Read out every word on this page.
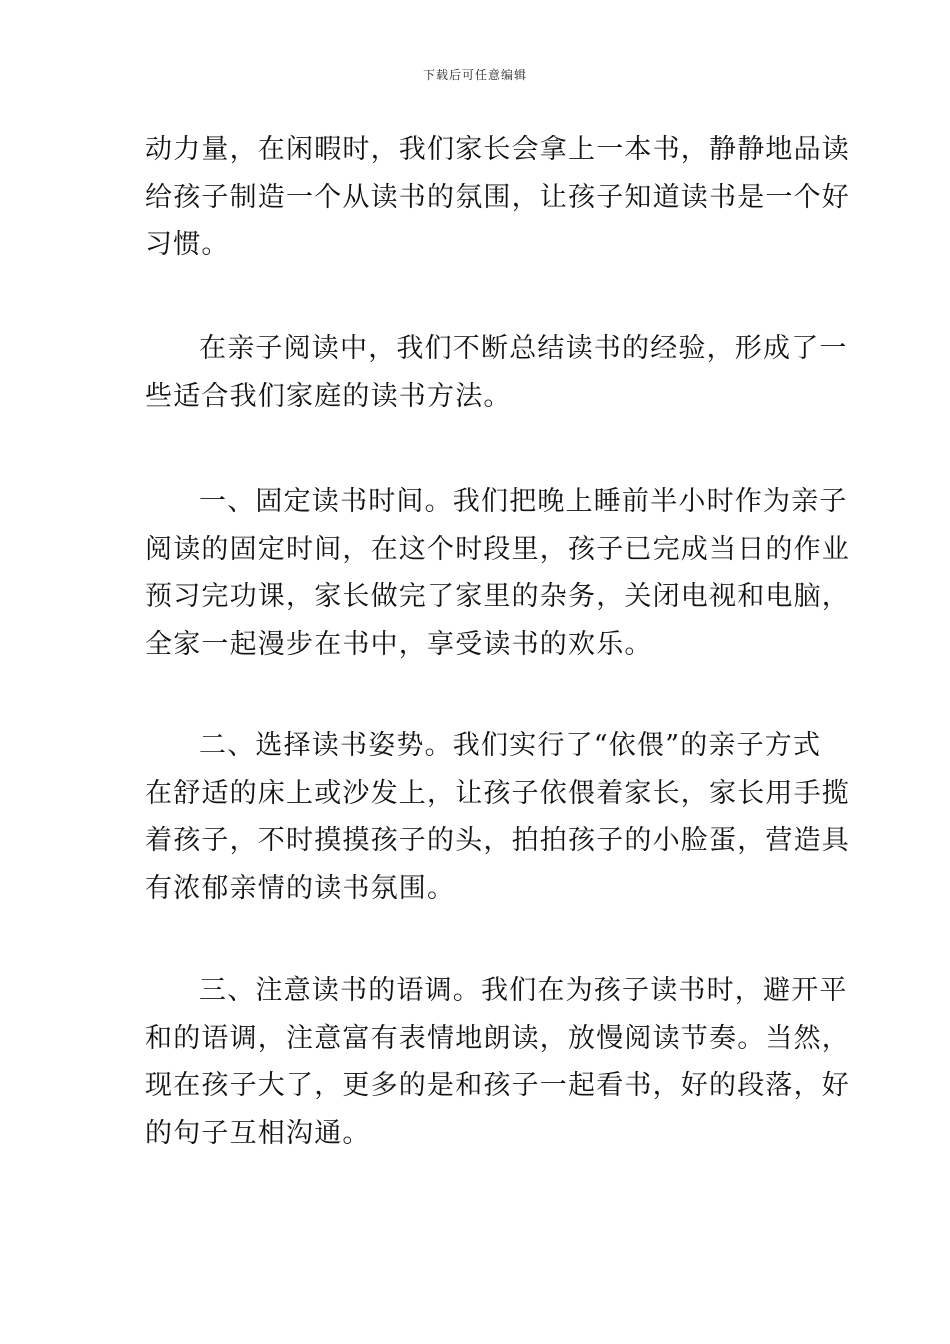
下载后可任意编辑
动力量，在闲暇时，我们家长会拿上一本书，静静地品读
给孩子制造一个从读书的氛围，让孩子知道读书是一个好
习惯。
在亲子阅读中，我们不断总结读书的经验，形成了一
些适合我们家庭的读书方法。
一、固定读书时间。我们把晚上睡前半小时作为亲子
阅读的固定时间，在这个时段里，孩子已完成当日的作业
预习完功课，家长做完了家里的杂务，关闭电视和电脑，
全家一起漫步在书中，享受读书的欢乐。
二、选择读书姿势。我们实行了“依偎”的亲子方式
在舒适的床上或沙发上，让孩子依偎着家长，家长用手揽
着孩子，不时摸摸孩子的头，拍拍孩子的小脸蛋，营造具
有浓郁亲情的读书氛围。
三、注意读书的语调。我们在为孩子读书时，避开平
和的语调，注意富有表情地朗读，放慢阅读节奏。当然，
现在孩子大了，更多的是和孩子一起看书，好的段落，好
的句子互相沟通。
